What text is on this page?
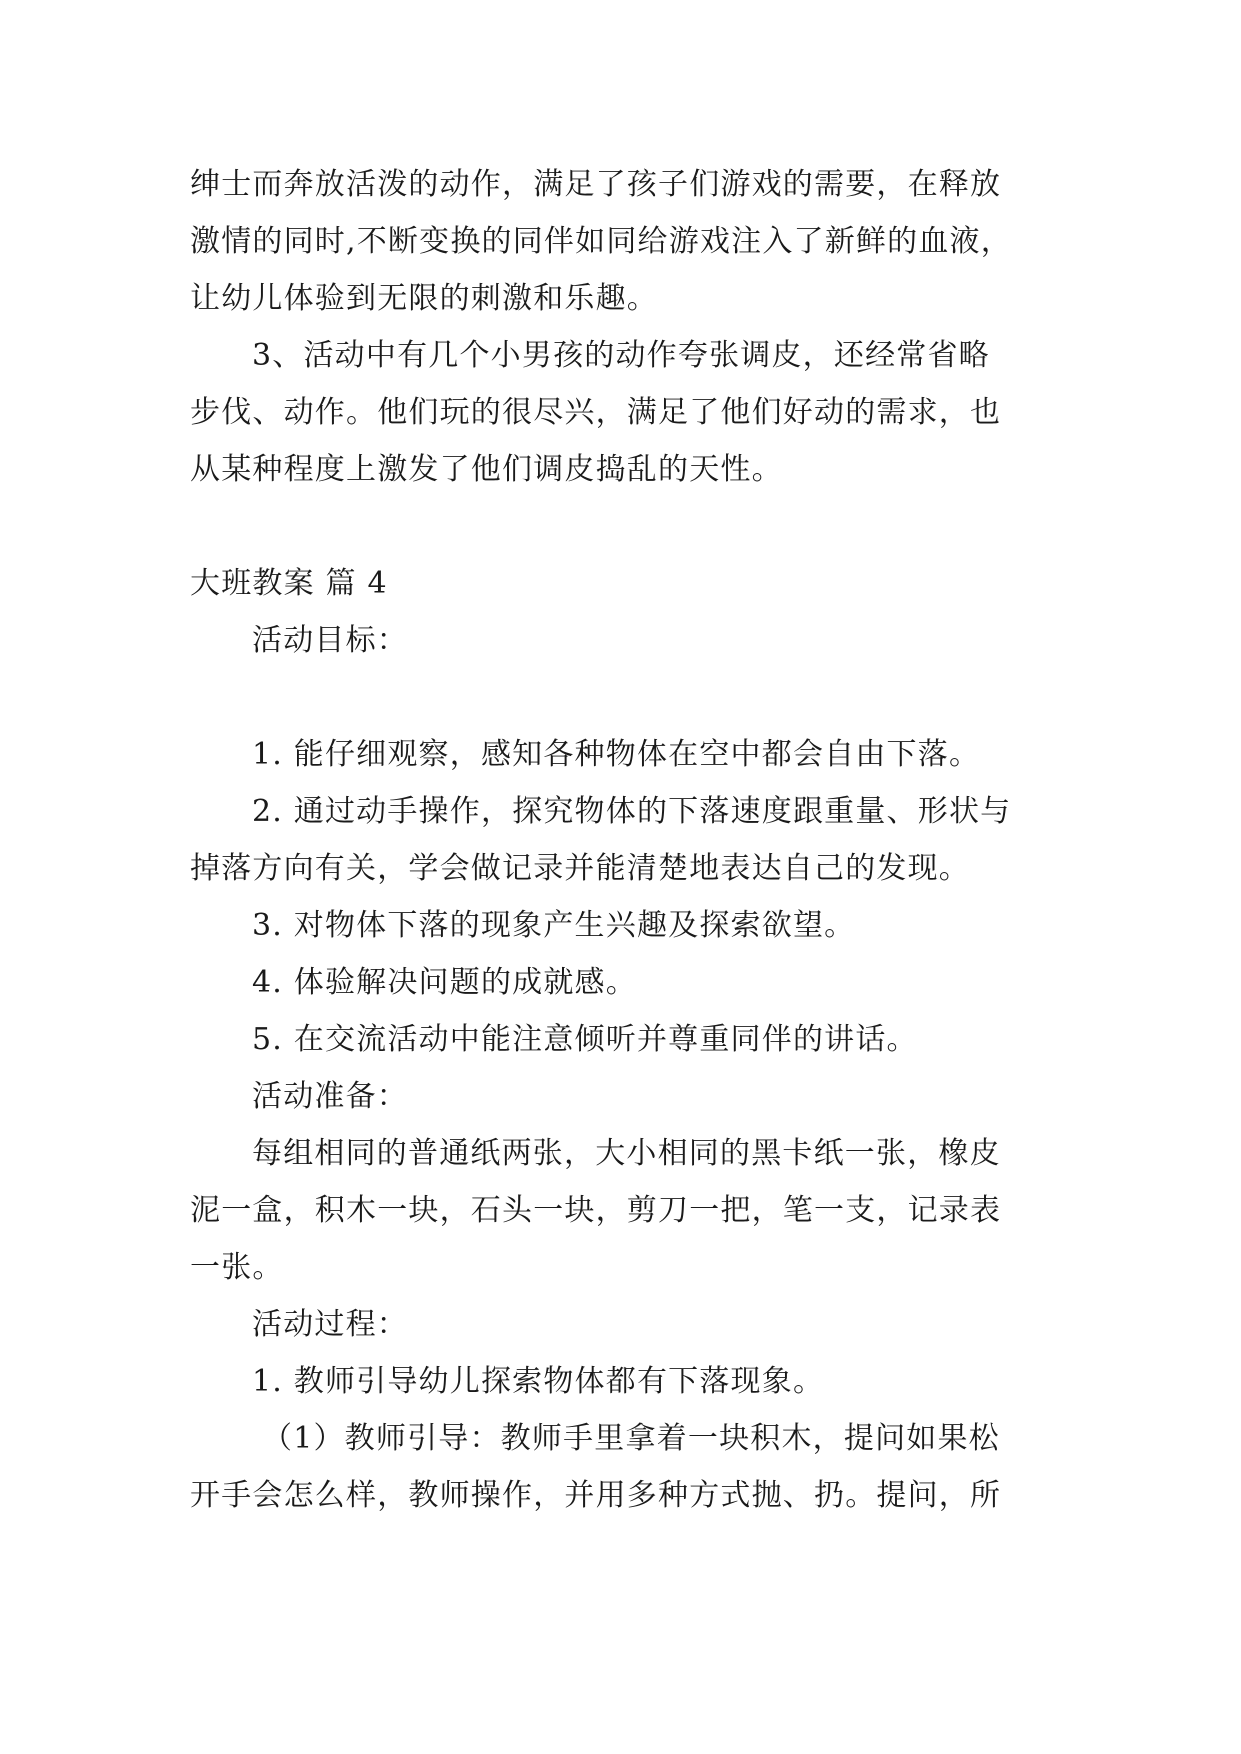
绅士而奔放活泼的动作，满足了孩子们游戏的需要，在释放
激情的同时,不断变换的同伴如同给游戏注入了新鲜的血液，
让幼儿体验到无限的刺激和乐趣。
3、活动中有几个小男孩的动作夸张调皮，还经常省略
步伐、动作。他们玩的很尽兴，满足了他们好动的需求，也
从某种程度上激发了他们调皮捣乱的天性。
大班教案 篇 4
活动目标：
1. 能仔细观察，感知各种物体在空中都会自由下落。
2. 通过动手操作，探究物体的下落速度跟重量、形状与
掉落方向有关，学会做记录并能清楚地表达自己的发现。
3. 对物体下落的现象产生兴趣及探索欲望。
4. 体验解决问题的成就感。
5. 在交流活动中能注意倾听并尊重同伴的讲话。
活动准备：
每组相同的普通纸两张，大小相同的黑卡纸一张，橡皮
泥一盒，积木一块，石头一块，剪刀一把，笔一支，记录表
一张。
活动过程：
1. 教师引导幼儿探索物体都有下落现象。
（1）教师引导：教师手里拿着一块积木，提问如果松
开手会怎么样，教师操作，并用多种方式抛、扔。提问，所
